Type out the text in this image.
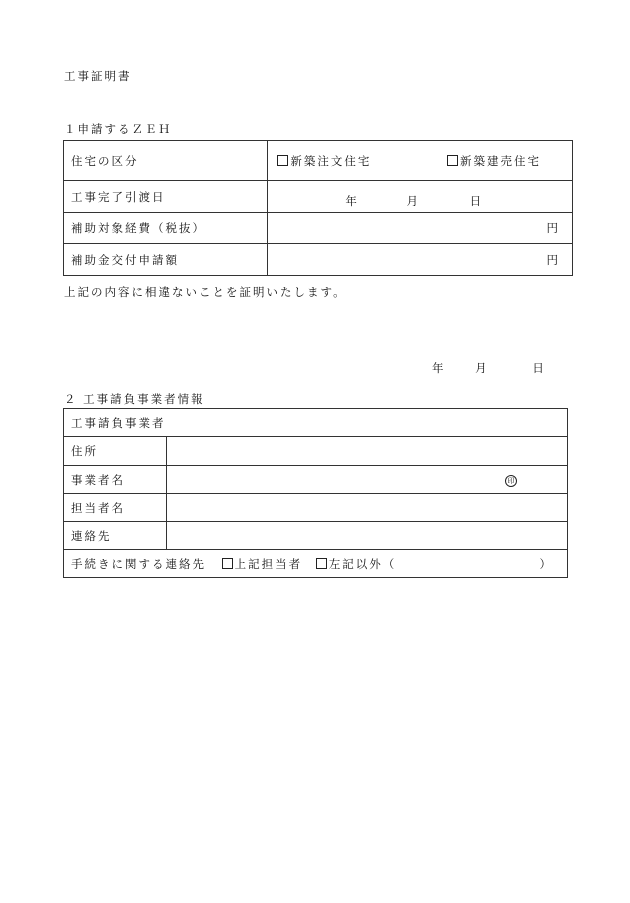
工事証明書
１申請するＺＥＨ
住宅の区分	新築注文住宅 新築建売住宅
工事完了引渡日	年 月 日
補助対象経費（税抜）	円
補助金交付申請額	円
上記の内容に相違ないことを証明いたします。
年	月	日
２ 工事請負事業者情報
工事請負事業者	
住所	
事業者名	印
担当者名	
連絡先	
手続きに関する連絡先 上記担当者 左記以外（ ）	
